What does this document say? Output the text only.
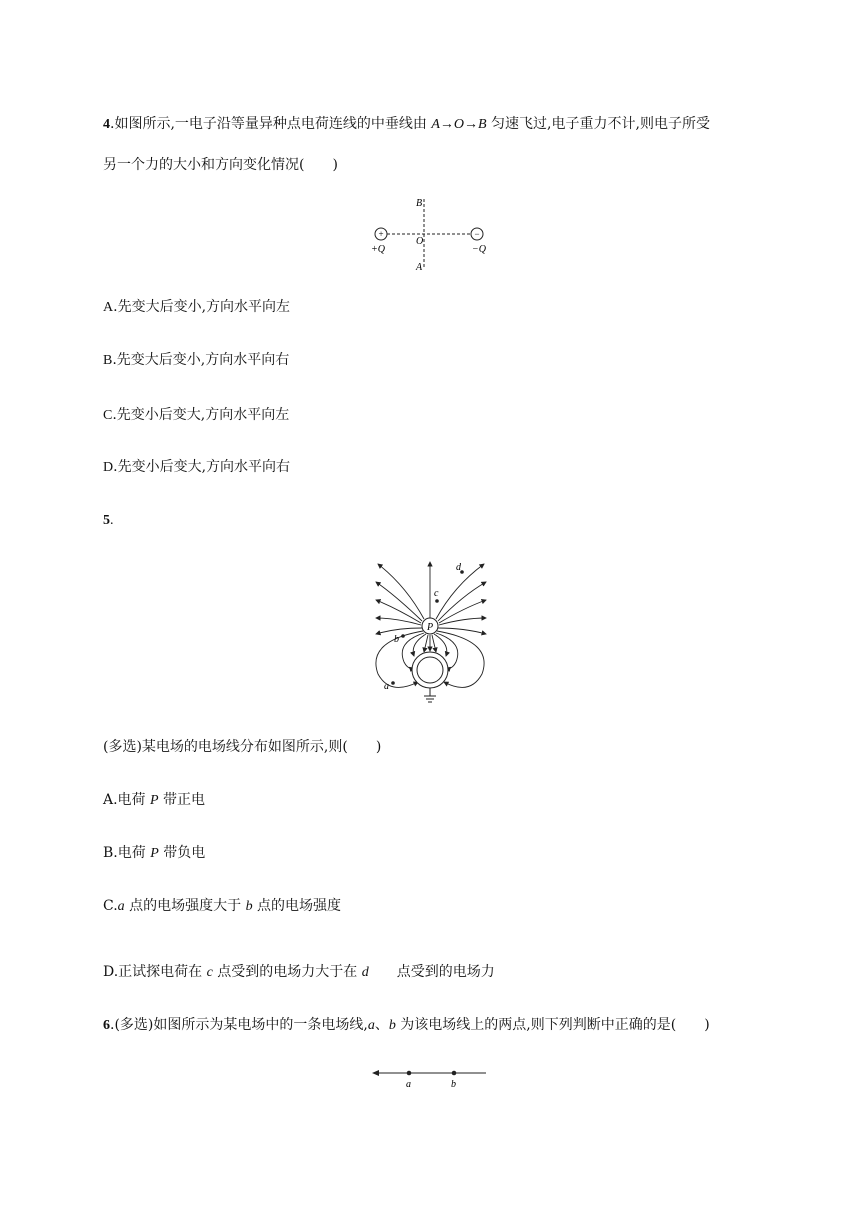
4.如图所示,一电子沿等量异种点电荷连线的中垂线由 A→O→B 匀速飞过,电子重力不计,则电子所受
另一个力的大小和方向变化情况(　　)
+	−
B
O
A
+Q	−Q
A.先变大后变小,方向水平向左
B.先变大后变小,方向水平向右
C.先变小后变大,方向水平向左
D.先变小后变大,方向水平向右
5.
P
d
c
b
a
(多选)某电场的电场线分布如图所示,则(　　)
A.电荷 P 带正电
B.电荷 P 带负电
C.a 点的电场强度大于 b 点的电场强度
D.正试探电荷在 c 点受到的电场力大于在 d　　点受到的电场力
6.(多选)如图所示为某电场中的一条电场线,a、b 为该电场线上的两点,则下列判断中正确的是(　　)
a	b
